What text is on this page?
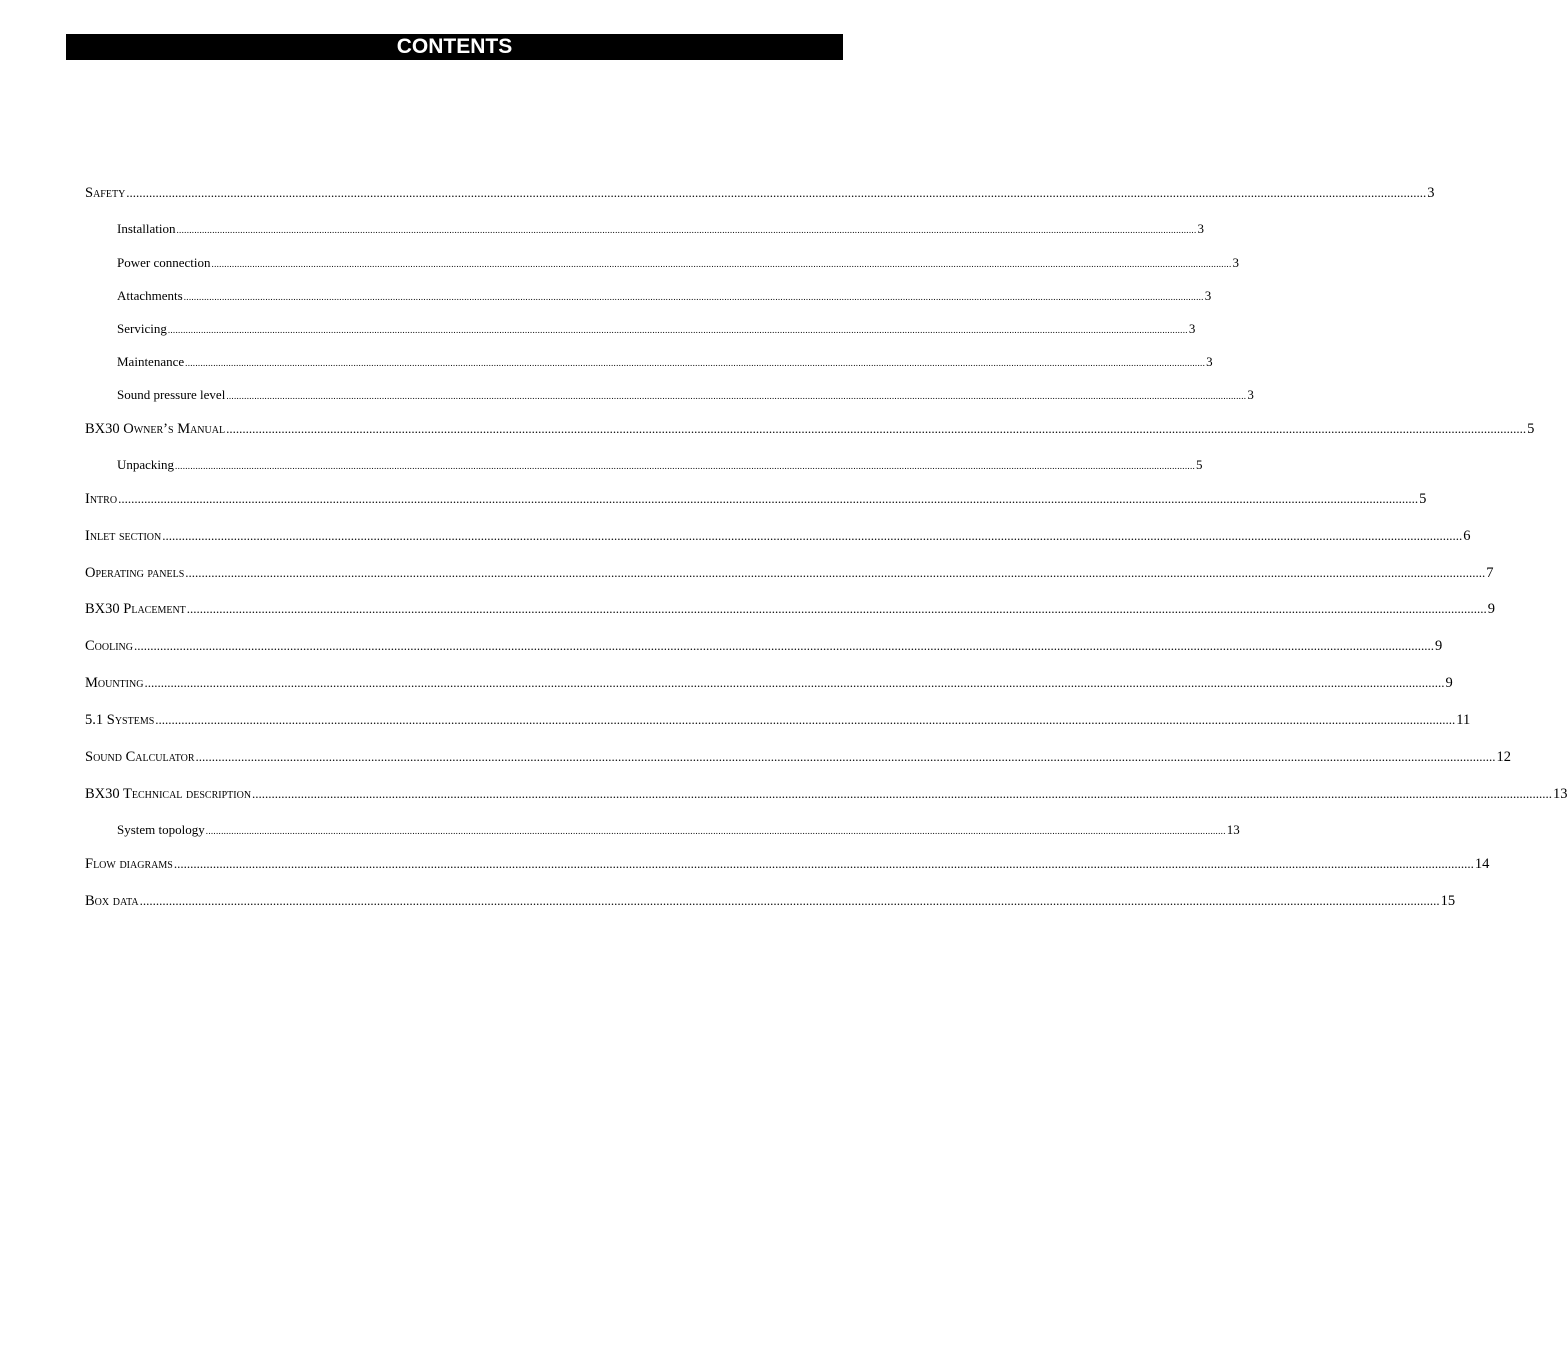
CONTENTS
Safety ................................................................................................................................................................................................................................................................................................................................................................................................................ 3
Installation ................................................................................................................................................................................................................................................................................................................................................................................................................ 3
Power connection ................................................................................................................................................................................................................................................................................................................................................................................................................ 3
Attachments ................................................................................................................................................................................................................................................................................................................................................................................................................ 3
Servicing ................................................................................................................................................................................................................................................................................................................................................................................................................ 3
Maintenance ................................................................................................................................................................................................................................................................................................................................................................................................................ 3
Sound pressure level ................................................................................................................................................................................................................................................................................................................................................................................................................ 3
BX30 Owner’s Manual ................................................................................................................................................................................................................................................................................................................................................................................................................ 5
Unpacking ................................................................................................................................................................................................................................................................................................................................................................................................................ 5
Intro ................................................................................................................................................................................................................................................................................................................................................................................................................ 5
Inlet section ................................................................................................................................................................................................................................................................................................................................................................................................................ 6
Operating panels ................................................................................................................................................................................................................................................................................................................................................................................................................ 7
BX30 Placement ................................................................................................................................................................................................................................................................................................................................................................................................................ 9
Cooling ................................................................................................................................................................................................................................................................................................................................................................................................................ 9
Mounting ................................................................................................................................................................................................................................................................................................................................................................................................................ 9
5.1 Systems ................................................................................................................................................................................................................................................................................................................................................................................................................ 11
Sound Calculator ................................................................................................................................................................................................................................................................................................................................................................................................................ 12
BX30 Technical description ................................................................................................................................................................................................................................................................................................................................................................................................................ 13
System topology ................................................................................................................................................................................................................................................................................................................................................................................................................ 13
Flow diagrams ................................................................................................................................................................................................................................................................................................................................................................................................................ 14
Box data ................................................................................................................................................................................................................................................................................................................................................................................................................ 15
